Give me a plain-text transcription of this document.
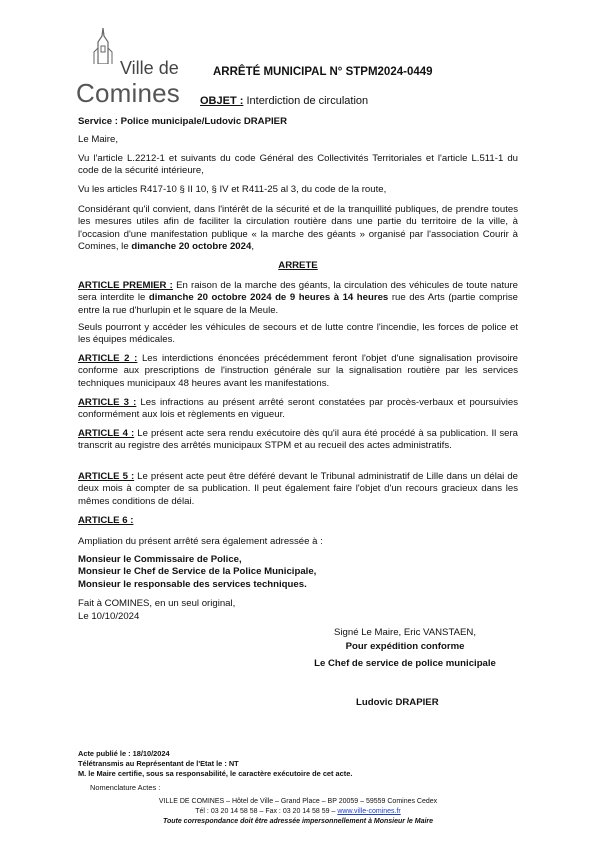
Ville de
Comines
ARRÊTÉ MUNICIPAL N° STPM2024-0449
OBJET : Interdiction de circulation
Service : Police municipale/Ludovic DRAPIER
Le Maire,
Vu l'article L.2212-1 et suivants du code Général des Collectivités Territoriales et l'article L.511-1 du code de la sécurité intérieure,
Vu les articles R417-10 § II 10, § IV et R411-25 al 3, du code de la route,
Considérant qu'il convient, dans l'intérêt de la sécurité et de la tranquillité publiques, de prendre toutes les mesures utiles afin de faciliter la circulation routière dans une partie du territoire de la ville, à l'occasion d'une manifestation publique « la marche des géants » organisé par l'association Courir à Comines, le dimanche 20 octobre 2024,
ARRETE
ARTICLE PREMIER : En raison de la marche des géants, la circulation des véhicules de toute nature sera interdite le dimanche 20 octobre 2024 de 9 heures à 14 heures rue des Arts (partie comprise entre la rue d'hurlupin et le square de la Meule.
Seuls pourront y accéder les véhicules de secours et de lutte contre l'incendie, les forces de police et les équipes médicales.
ARTICLE 2 : Les interdictions énoncées précédemment feront l'objet d'une signalisation provisoire conforme aux prescriptions de l'instruction générale sur la signalisation routière par les services techniques municipaux 48 heures avant les manifestations.
ARTICLE 3 : Les infractions au présent arrêté seront constatées par procès-verbaux et poursuivies conformément aux lois et règlements en vigueur.
ARTICLE 4 : Le présent acte sera rendu exécutoire dès qu'il aura été procédé à sa publication. Il sera transcrit au registre des arrêtés municipaux STPM et au recueil des actes administratifs.
ARTICLE 5 : Le présent acte peut être déféré devant le Tribunal administratif de Lille dans un délai de deux mois à compter de sa publication. Il peut également faire l'objet d'un recours gracieux dans les mêmes conditions de délai.
ARTICLE 6 :
Ampliation du présent arrêté sera également adressée à :
Monsieur le Commissaire de Police,
Monsieur le Chef de Service de la Police Municipale,
Monsieur le responsable des services techniques.
Fait à COMINES, en un seul original,
Le 10/10/2024
Signé Le Maire, Eric VANSTAEN,
Pour expédition conforme
Le Chef de service de police municipale
Ludovic DRAPIER
Acte publié le : 18/10/2024
Télétransmis au Représentant de l'Etat le : NT
M. le Maire certifie, sous sa responsabilité, le caractère exécutoire de cet acte.
Nomenclature Actes :
VILLE DE COMINES – Hôtel de Ville – Grand Place – BP 20059 – 59559 Comines Cedex
Tél : 03 20 14 58 58 – Fax : 03 20 14 58 59 – www.ville-comines.fr
Toute correspondance doit être adressée impersonnellement à Monsieur le Maire
